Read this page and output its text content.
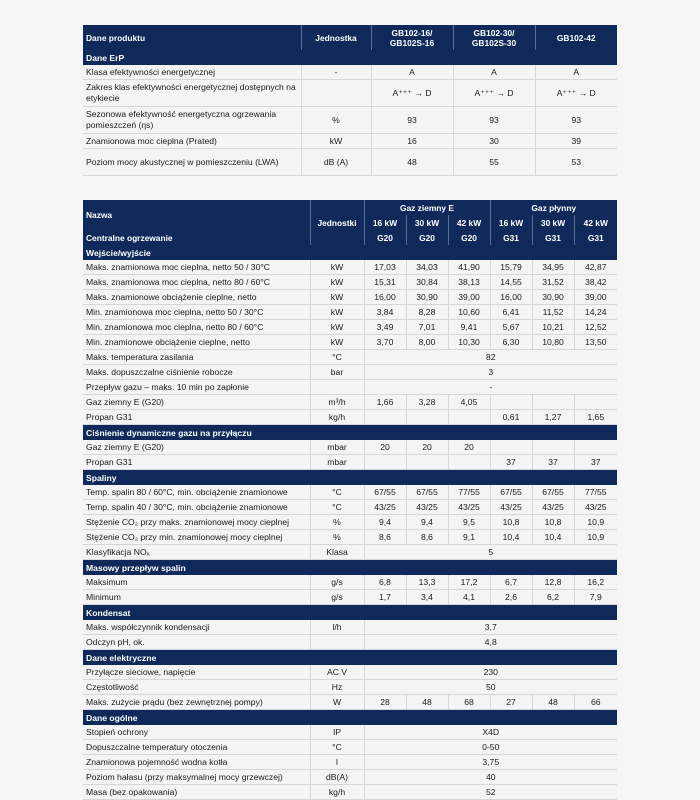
Dane produktu	Jednostka	GB102-16/ GB102S-16	GB102-30/ GB102S-30	GB102-42
Dane ErP				
Klasa efektywności energetycznej	-	A	A	A
Zakres klas efektywności energetycznej dostępnych na etykiecie		A⁺⁺⁺ → D	A⁺⁺⁺ → D	A⁺⁺⁺ → D
Sezonowa efektywność energetyczna ogrzewania pomieszczeń (ηs)	%	93	93	93
Znamionowa moc cieplna (Prated)	kW	16	30	39
Poziom mocy akustycznej w pomieszczeniu (LWA)	dB (A)	48	55	53
Nazwa	Jednostki	Gaz ziemny E			Gaz płynny		
		16 kW	30 kW	42 kW	16 kW	30 kW	42 kW
Centralne ogrzewanie		G20	G20	G20	G31	G31	G31
Wejście/wyjście							
Maks. znamionowa moc cieplna, netto 50 / 30°C	kW	17,03	34,03	41,90	15,79	34,95	42,87
Maks. znamionowa moc cieplna, netto 80 / 60°C	kW	15,31	30,84	38,13	14,55	31,52	38,42
Maks. znamionowe obciążenie cieplne, netto	kW	16,00	30,90	39,00	16,00	30,90	39,00
Min. znamionowa moc cieplna, netto 50 / 30°C	kW	3,84	8,28	10,60	6,41	11,52	14,24
Min. znamionowa moc cieplna, netto 80 / 60°C	kW	3,49	7,01	9,41	5,67	10,21	12,52
Min. znamionowe obciążenie cieplne, netto	kW	3,70	8,00	10,30	6,30	10,80	13,50
Maks. temperatura zasilania	°C	82					
Maks. dopuszczalne ciśnienie robocze	bar	3					
Przepływ gazu – maks. 10 min po zapłonie		-					
Gaz ziemny E (G20)	m³/h	1,66	3,28	4,05			
Propan G31	kg/h				0,61	1,27	1,65
Ciśnienie dynamiczne gazu na przyłączu							
Gaz ziemny E (G20)	mbar	20	20	20			
Propan G31	mbar				37	37	37
Spaliny							
Temp. spalin 80 / 60°C, min. obciążenie znamionowe	°C	67/55	67/55	77/55	67/55	67/55	77/55
Temp. spalin 40 / 30°C, min. obciążenie znamionowe	°C	43/25	43/25	43/25	43/25	43/25	43/25
Stężenie CO₂ przy maks. znamionowej mocy cieplnej	%	9,4	9,4	9,5	10,8	10,8	10,9
Stężenie CO₂ przy min. znamionowej mocy cieplnej	%	8,6	8,6	9,1	10,4	10,4	10,9
Klasyfikacja NOₓ	Klasa	5					
Masowy przepływ spalin							
Maksimum	g/s	6,8	13,3	17,2	6,7	12,8	16,2
Minimum	g/s	1,7	3,4	4,1	2,6	6,2	7,9
Kondensat							
Maks. współczynnik kondensacji	l/h	3,7					
Odczyn pH, ok.		4,8					
Dane elektryczne							
Przyłącze sieciowe, napięcie	AC V	230					
Częstotliwość	Hz	50					
Maks. zużycie prądu (bez zewnętrznej pompy)	W	28	48	68	27	48	66
Dane ogólne							
Stopień ochrony	IP	X4D					
Dopuszczalne temperatury otoczenia	°C	0-50					
Znamionowa pojemność wodna kotła	l	3,75					
Poziom hałasu (przy maksymalnej mocy grzewczej)	dB(A)	40					
Masa (bez opakowania)	kg/h	52					
